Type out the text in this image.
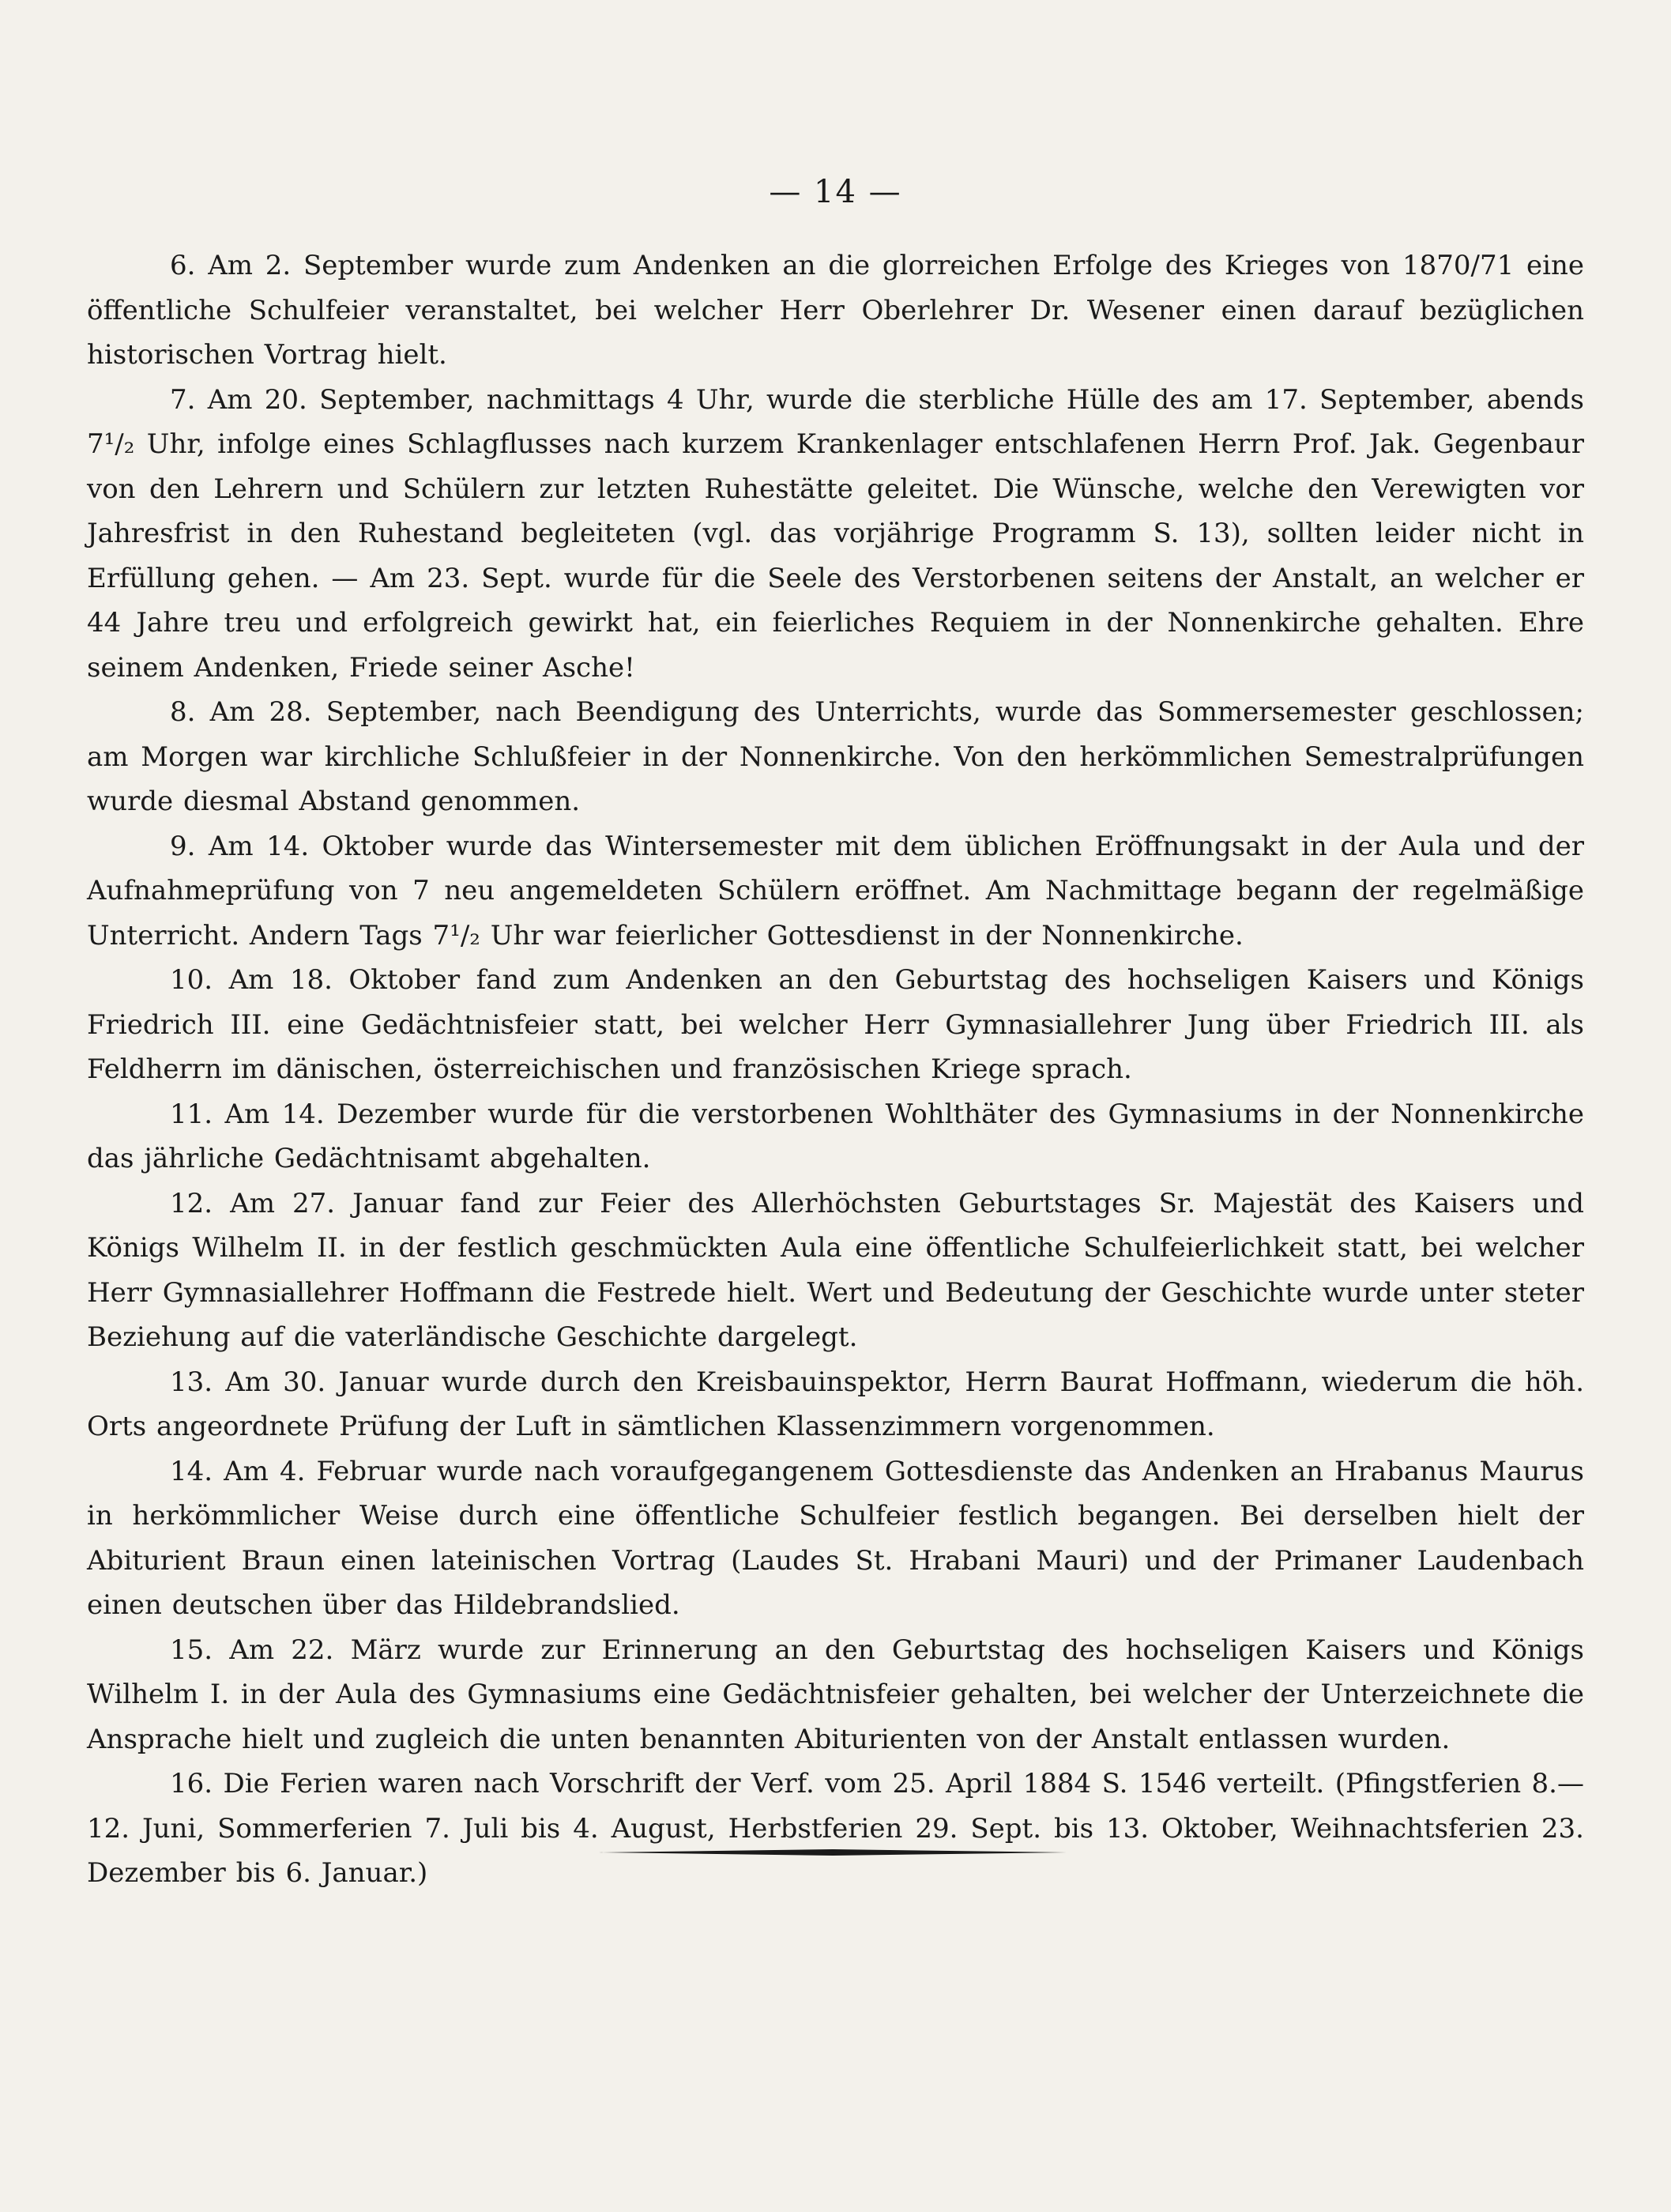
— 14 —

6. Am 2. September wurde zum Andenken an die glorreichen Erfolge des Krieges von 1870/71 eine öffentliche Schulfeier veranstaltet, bei welcher Herr Oberlehrer Dr. Wesener einen darauf bezüglichen historischen Vortrag hielt.

7. Am 20. September, nachmittags 4 Uhr, wurde die sterbliche Hülle des am 17. September, abends 7¹/₂ Uhr, infolge eines Schlagflusses nach kurzem Krankenlager entschlafenen Herrn Prof. Jak. Gegenbaur von den Lehrern und Schülern zur letzten Ruhestätte geleitet. Die Wünsche, welche den Verewigten vor Jahresfrist in den Ruhestand begleiteten (vgl. das vorjährige Programm S. 13), sollten leider nicht in Erfüllung gehen. — Am 23. Sept. wurde für die Seele des Verstorbenen seitens der Anstalt, an welcher er 44 Jahre treu und erfolgreich gewirkt hat, ein feierliches Requiem in der Nonnenkirche gehalten. Ehre seinem Andenken, Friede seiner Asche!

8. Am 28. September, nach Beendigung des Unterrichts, wurde das Sommersemester geschlossen; am Morgen war kirchliche Schlußfeier in der Nonnenkirche. Von den herkömmlichen Semestralprüfungen wurde diesmal Abstand genommen.

9. Am 14. Oktober wurde das Wintersemester mit dem üblichen Eröffnungsakt in der Aula und der Aufnahmeprüfung von 7 neu angemeldeten Schülern eröffnet. Am Nachmittage begann der regelmäßige Unterricht. Andern Tags 7¹/₂ Uhr war feierlicher Gottesdienst in der Nonnenkirche.

10. Am 18. Oktober fand zum Andenken an den Geburtstag des hochseligen Kaisers und Königs Friedrich III. eine Gedächtnisfeier statt, bei welcher Herr Gymnasiallehrer Jung über Friedrich III. als Feldherrn im dänischen, österreichischen und französischen Kriege sprach.

11. Am 14. Dezember wurde für die verstorbenen Wohlthäter des Gymnasiums in der Nonnenkirche das jährliche Gedächtnisamt abgehalten.

12. Am 27. Januar fand zur Feier des Allerhöchsten Geburtstages Sr. Majestät des Kaisers und Königs Wilhelm II. in der festlich geschmückten Aula eine öffentliche Schulfeierlichkeit statt, bei welcher Herr Gymnasiallehrer Hoffmann die Festrede hielt. Wert und Bedeutung der Geschichte wurde unter steter Beziehung auf die vaterländische Geschichte dargelegt.

13. Am 30. Januar wurde durch den Kreisbauinspektor, Herrn Baurat Hoffmann, wiederum die höh. Orts angeordnete Prüfung der Luft in sämtlichen Klassenzimmern vorgenommen.

14. Am 4. Februar wurde nach voraufgegangenem Gottesdienste das Andenken an Hrabanus Maurus in herkömmlicher Weise durch eine öffentliche Schulfeier festlich begangen. Bei derselben hielt der Abiturient Braun einen lateinischen Vortrag (Laudes St. Hrabani Mauri) und der Primaner Laudenbach einen deutschen über das Hildebrandslied.

15. Am 22. März wurde zur Erinnerung an den Geburtstag des hochseligen Kaisers und Königs Wilhelm I. in der Aula des Gymnasiums eine Gedächtnisfeier gehalten, bei welcher der Unterzeichnete die Ansprache hielt und zugleich die unten benannten Abiturienten von der Anstalt entlassen wurden.

16. Die Ferien waren nach Vorschrift der Verf. vom 25. April 1884 S. 1546 verteilt. (Pfingstferien 8.—12. Juni, Sommerferien 7. Juli bis 4. August, Herbstferien 29. Sept. bis 13. Oktober, Weihnachtsferien 23. Dezember bis 6. Januar.)
